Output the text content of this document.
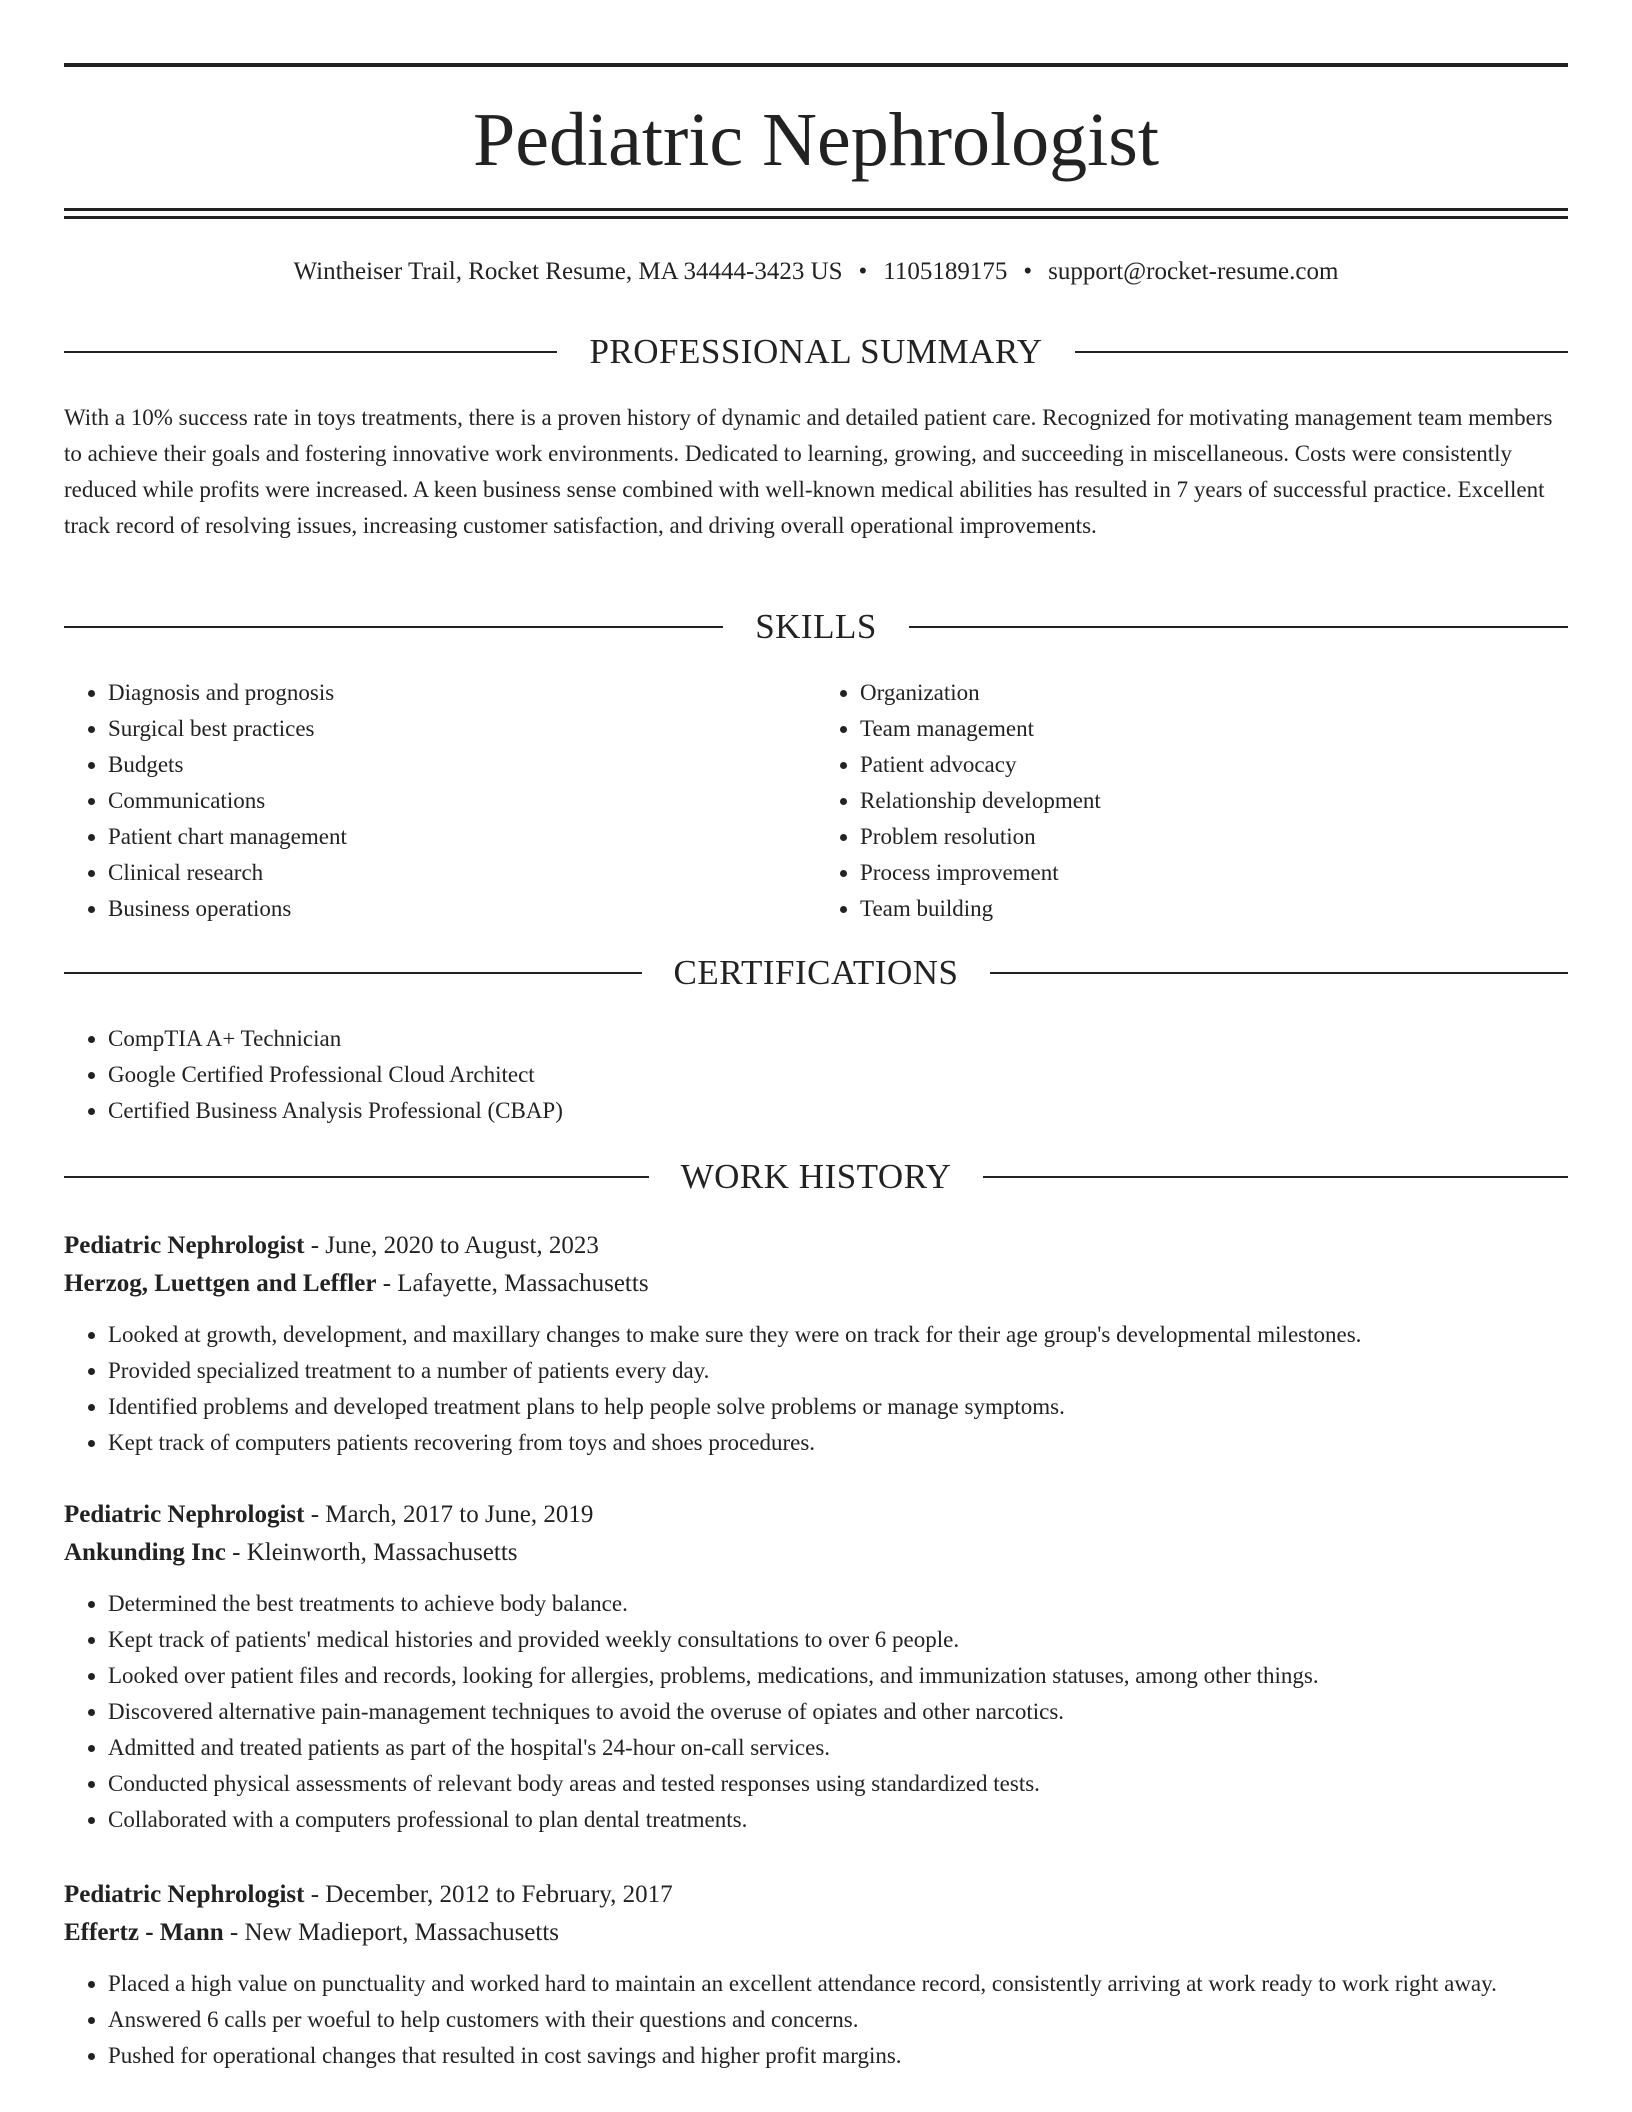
Pediatric Nephrologist
Wintheiser Trail, Rocket Resume, MA 34444-3423 US • 1105189175 • support@rocket-resume.com
PROFESSIONAL SUMMARY

With a 10% success rate in toys treatments, there is a proven history of dynamic and detailed patient care. Recognized for motivating management team members to achieve their goals and fostering innovative work environments. Dedicated to learning, growing, and succeeding in miscellaneous. Costs were consistently reduced while profits were increased. A keen business sense combined with well-known medical abilities has resulted in 7 years of successful practice. Excellent track record of resolving issues, increasing customer satisfaction, and driving overall operational improvements.

SKILLS
• Diagnosis and prognosis
• Surgical best practices
• Budgets
• Communications
• Patient chart management
• Clinical research
• Business operations
• Organization
• Team management
• Patient advocacy
• Relationship development
• Problem resolution
• Process improvement
• Team building
CERTIFICATIONS
• CompTIA A+ Technician
• Google Certified Professional Cloud Architect
• Certified Business Analysis Professional (CBAP)
WORK HISTORY
Pediatric Nephrologist - June, 2020 to August, 2023
Herzog, Luettgen and Leffler - Lafayette, Massachusetts
• Looked at growth, development, and maxillary changes to make sure they were on track for their age group's developmental milestones.
• Provided specialized treatment to a number of patients every day.
• Identified problems and developed treatment plans to help people solve problems or manage symptoms.
• Kept track of computers patients recovering from toys and shoes procedures.
Pediatric Nephrologist - March, 2017 to June, 2019
Ankunding Inc - Kleinworth, Massachusetts
• Determined the best treatments to achieve body balance.
• Kept track of patients' medical histories and provided weekly consultations to over 6 people.
• Looked over patient files and records, looking for allergies, problems, medications, and immunization statuses, among other things.
• Discovered alternative pain-management techniques to avoid the overuse of opiates and other narcotics.
• Admitted and treated patients as part of the hospital's 24-hour on-call services.
• Conducted physical assessments of relevant body areas and tested responses using standardized tests.
• Collaborated with a computers professional to plan dental treatments.
Pediatric Nephrologist - December, 2012 to February, 2017
Effertz - Mann - New Madieport, Massachusetts
• Placed a high value on punctuality and worked hard to maintain an excellent attendance record, consistently arriving at work ready to work right away.
• Answered 6 calls per woeful to help customers with their questions and concerns.
• Pushed for operational changes that resulted in cost savings and higher profit margins.
